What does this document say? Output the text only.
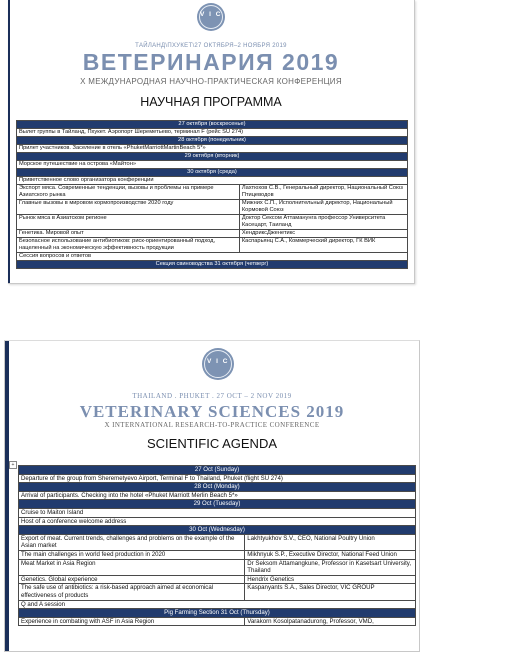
V I C
ТАЙЛАНД\ПХУКЕТ\27 ОКТЯБРЯ–2 НОЯБРЯ 2019
ВЕТЕРИНАРИЯ 2019
X МЕЖДУНАРОДНАЯ НАУЧНО-ПРАКТИЧЕСКАЯ КОНФЕРЕНЦИЯ
НАУЧНАЯ ПРОГРАММА
27 октября (воскресенье)	
Вылет группы в Тайланд, Пхукет. Аэропорт Шереметьево, терминал F (рейс SU 274)	
28 октября (понедельник)	
Прилет участников. Заселение в отель «PhuketMarriottMartinBeach 5*»	
29 октября (вторник)	
Морское путешествие на острова «Майтон»	
30 октября (среда)	
Приветственное слово организатора конференции	
Экспорт мяса. Современные тенденции, вызовы и проблемы на примере Азиатского рынка	Лахтюхов С.В., Генеральный директор, Национальный Союз Птицеводов
Главные вызовы в мировом кормопроизводстве 2020 году	Мижних С.П., Исполнительный директор, Национальный Кормовой Союз
Рынок мяса в Азиатском регионе	Доктор Сексом Аттаманунга профессор Университета Касецарт, Таиланд
Генетика. Мировой опыт	ХендриксДженетикс
Безопасное использование антибиотиков: риск-ориентированный подход, нацеленный на экономическую эффективность продукции	Каспарьянц С.А., Коммерческий директор, ГК ВИК
Сессия вопросов и ответов	
Секция свиноводства 31 октября (четверг)	
V I C
THAILAND . PHUKET . 27 OCT – 2 NOV 2019
VETERINARY SCIENCES 2019
X INTERNATIONAL RESEARCH-TO-PRACTICE CONFERENCE
SCIENTIFIC AGENDA
+
27 Oct (Sunday)	
Departure of the group from Sheremetyevo Airport, Terminal F to Thailand, Phuket (flight SU 274)	
28 Oct (Monday)	
Arrival of participants. Checking into the hotel «Phuket Marriott Merlin Beach 5*»	
29 Oct (Tuesday)	
Cruise to Maiton Island	
Host of a conference welcome address	
30 Oct (Wednesday)	
Export of meat. Current trends, challenges and problems on the example of the Asian market	Lakhtyukhov S.V., CEO, National Poultry Union
The main challenges in world feed production in 2020	Mikhnyuk S.P., Executive Director, National Feed Union
Meat Market in Asia Region	Dr Seksom Attamangkune, Professor in Kasetsart University, Thailand
Genetics. Global experience	Hendrix Genetics
The safe use of antibiotics: a risk-based approach aimed at economical effectiveness of products	Kaspanyants S.A., Sales Director, VIC GROUP
Q and A session	
Pig Farming Section 31 Oct (Thursday)	
Experience in combating with ASF in Asia Region	Varakorn Kosolpatanadurong, Professor, VMD,
